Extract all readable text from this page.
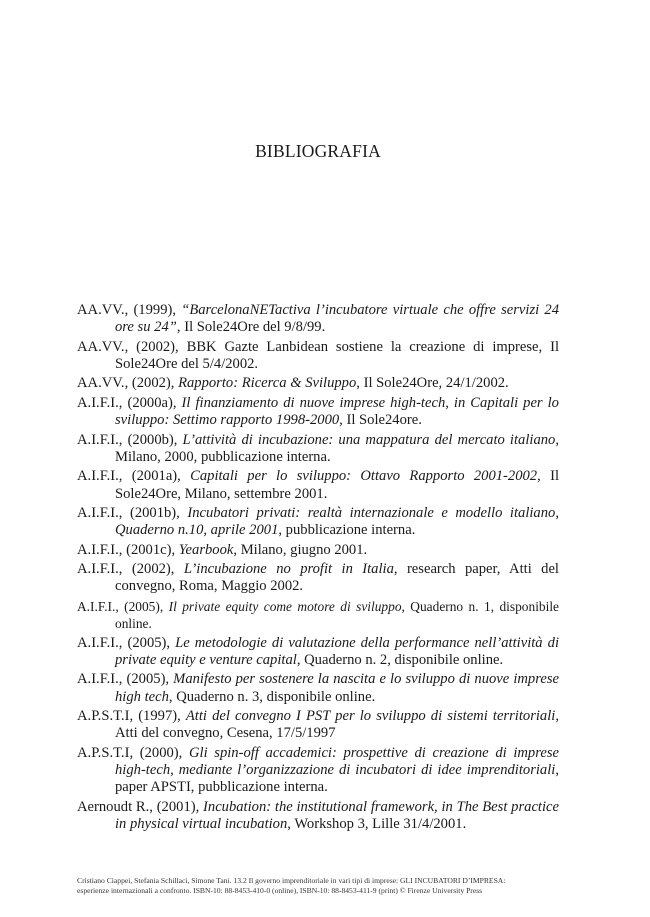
BIBLIOGRAFIA

AA.VV., (1999), “BarcelonaNETactiva l’incubatore virtuale che offre servizi 24 ore su 24”, Il Sole24Ore del 9/8/99.

AA.VV., (2002), BBK Gazte Lanbidean sostiene la creazione di imprese, Il Sole24Ore del 5/4/2002.

AA.VV., (2002), Rapporto: Ricerca & Sviluppo, Il Sole24Ore, 24/1/2002.

A.I.F.I., (2000a), Il finanziamento di nuove imprese high-tech, in Capitali per lo sviluppo: Settimo rapporto 1998-2000, Il Sole24ore.

A.I.F.I., (2000b), L’attività di incubazione: una mappatura del mercato italiano, Milano, 2000, pubblicazione interna.

A.I.F.I., (2001a), Capitali per lo sviluppo: Ottavo Rapporto 2001-2002, Il Sole24Ore, Milano, settembre 2001.

A.I.F.I., (2001b), Incubatori privati: realtà internazionale e modello italiano, Quaderno n.10, aprile 2001, pubblicazione interna.

A.I.F.I., (2001c), Yearbook, Milano, giugno 2001.

A.I.F.I., (2002), L’incubazione no profit in Italia, research paper, Atti del convegno, Roma, Maggio 2002.

A.I.F.I., (2005), Il private equity come motore di sviluppo, Quaderno n. 1, disponibile online.

A.I.F.I., (2005), Le metodologie di valutazione della performance nell’attività di private equity e venture capital, Quaderno n. 2, disponibile online.

A.I.F.I., (2005), Manifesto per sostenere la nascita e lo sviluppo di nuove imprese high tech, Quaderno n. 3, disponibile online.

A.P.S.T.I, (1997), Atti del convegno I PST per lo sviluppo di sistemi territoriali, Atti del convegno, Cesena, 17/5/1997

A.P.S.T.I, (2000), Gli spin-off accademici: prospettive di creazione di imprese high-tech, mediante l’organizzazione di incubatori di idee imprenditoriali, paper APSTI, pubblicazione interna.

Aernoudt R., (2001), Incubation: the institutional framework, in The Best practice in physical virtual incubation, Workshop 3, Lille 31/4/2001.

Cristiano Ciappei, Stefania Schillaci, Simone Tani. 13.2 Il governo imprenditoriale in vari tipi di imprese: GLI INCUBATORI D’IMPRESA:
esperienze internazionali a confronto. ISBN-10: 88-8453-410-0 (online), ISBN-10: 88-8453-411-9 (print) © Firenze University Press
